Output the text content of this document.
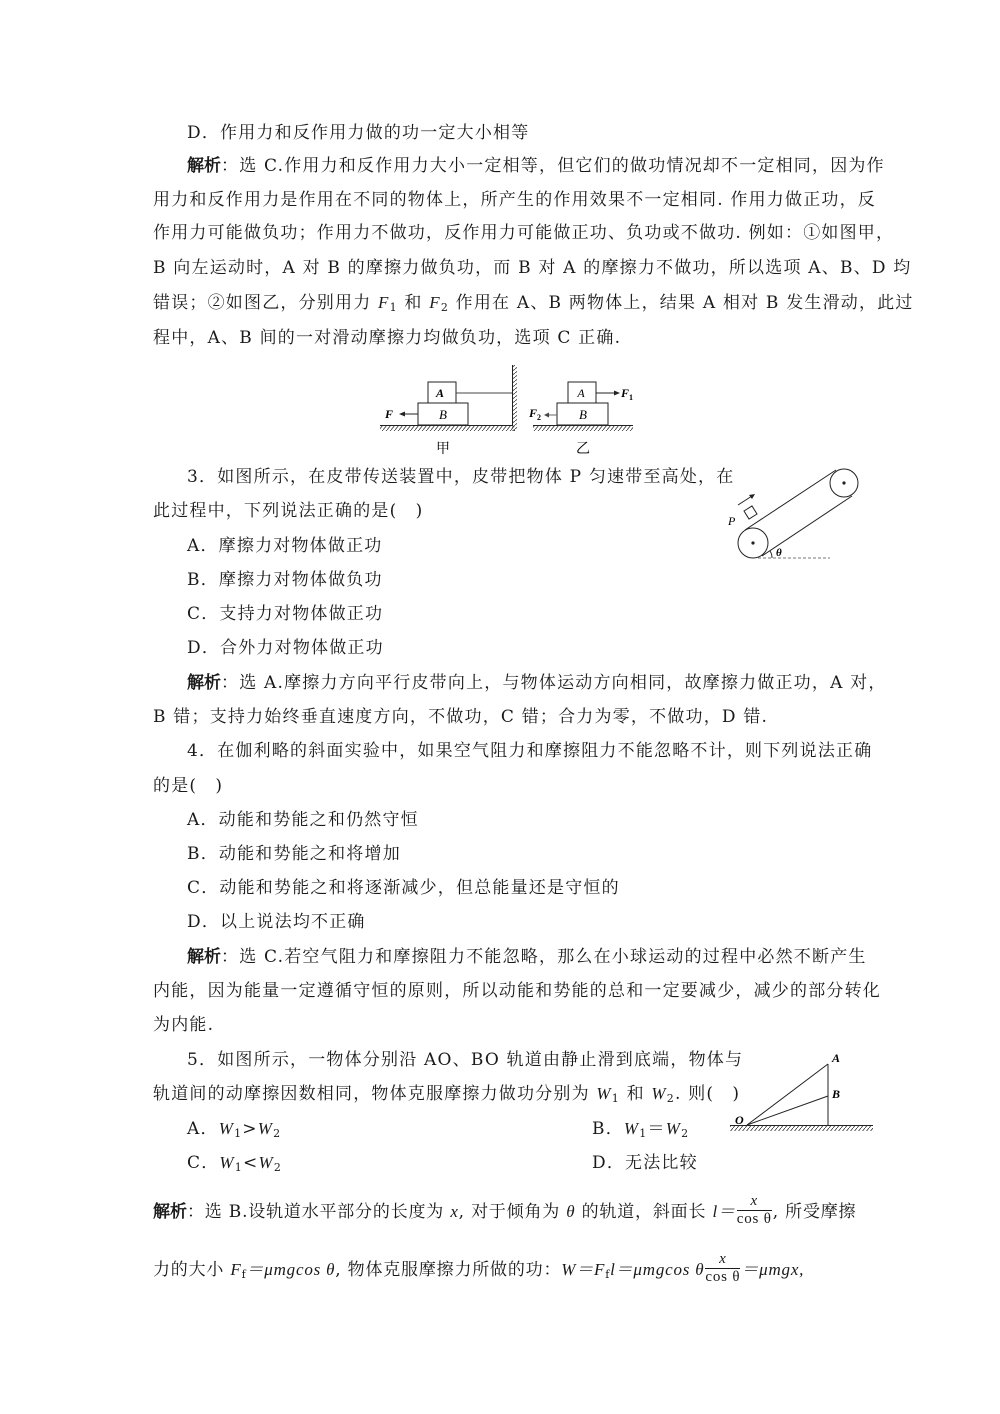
D．作用力和反作用力做的功一定大小相等
解析：选 C.作用力和反作用力大小一定相等，但它们的做功情况却不一定相同，因为作
用力和反作用力是作用在不同的物体上，所产生的作用效果不一定相同. 作用力做正功，反
作用力可能做负功；作用力不做功，反作用力可能做正功、负功或不做功. 例如：①如图甲，
B 向左运动时，A 对 B 的摩擦力做负功，而 B 对 A 的摩擦力不做功，所以选项 A、B、D 均
错误；②如图乙，分别用力 $F_1$ 和 $F_2$ 作用在 A、B 两物体上，结果 A 相对 B 发生滑动，此过
程中，A、B 间的一对滑动摩擦力均做负功，选项 C 正确.
A
B
F
甲
A
B
$F_1$
$F_2$
乙
3．如图所示，在皮带传送装置中，皮带把物体 P 匀速带至高处，在
此过程中，下列说法正确的是(　)
A．摩擦力对物体做正功
B．摩擦力对物体做负功
C．支持力对物体做正功
D．合外力对物体做正功
P
θ
解析：选 A.摩擦力方向平行皮带向上，与物体运动方向相同，故摩擦力做正功，A 对，
B 错；支持力始终垂直速度方向，不做功，C 错；合力为零，不做功，D 错.
4．在伽利略的斜面实验中，如果空气阻力和摩擦阻力不能忽略不计，则下列说法正确
的是(　)
A．动能和势能之和仍然守恒
B．动能和势能之和将增加
C．动能和势能之和将逐渐减少，但总能量还是守恒的
D．以上说法均不正确
解析：选 C.若空气阻力和摩擦阻力不能忽略，那么在小球运动的过程中必然不断产生
内能，因为能量一定遵循守恒的原则，所以动能和势能的总和一定要减少，减少的部分转化
为内能.
5．如图所示，一物体分别沿 AO、BO 轨道由静止滑到底端，物体与
轨道间的动摩擦因数相同，物体克服摩擦力做功分别为 $W_1$ 和 $W_2$. 则(　)
A．$W_1>W_2$	B．$W_1=W_2$
C．$W_1<W_2$	D．无法比较
A
B
O
解析：选 B.设轨道水平部分的长度为 x, 对于倾角为 θ 的轨道，斜面长 $l= \frac{x}{\text{cos θ}}$ , 所受摩擦
力的大小 $F_f=\mu mgcos$ θ, 物体克服摩擦力所做的功：$W=F_fl=\mu mgcos$ θ $\frac{x}{\text{cos θ}} =\mu mgx$,
